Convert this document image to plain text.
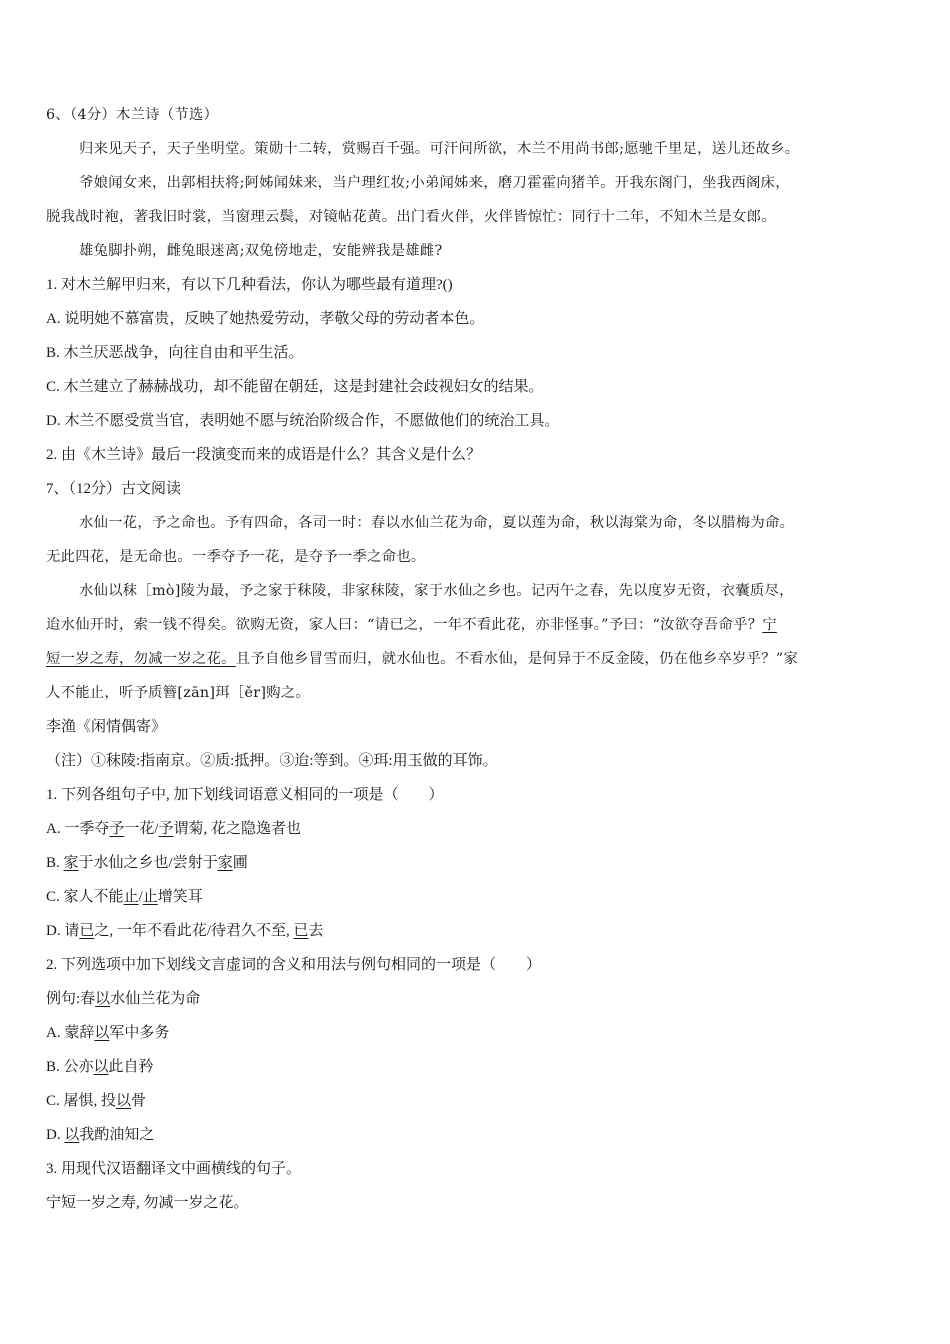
6、（4分）木兰诗（节选）
归来见天子，天子坐明堂。策勋十二转，赏赐百千强。可汗问所欲，木兰不用尚书郎;愿驰千里足，送儿还故乡。
爷娘闻女来，出郭相扶将;阿姊闻妹来，当户理红妆;小弟闻姊来，磨刀霍霍向猪羊。开我东阁门，坐我西阁床，
脱我战时袍，著我旧时裳，当窗理云鬓，对镜帖花黄。出门看火伴，火伴皆惊忙：同行十二年，不知木兰是女郎。
雄兔脚扑朔，雌兔眼迷离;双兔傍地走，安能辨我是雄雌?
1. 对木兰解甲归来，有以下几种看法，你认为哪些最有道理?()
A. 说明她不慕富贵，反映了她热爱劳动，孝敬父母的劳动者本色。
B. 木兰厌恶战争，向往自由和平生活。
C. 木兰建立了赫赫战功，却不能留在朝廷，这是封建社会歧视妇女的结果。
D. 木兰不愿受赏当官，表明她不愿与统治阶级合作，不愿做他们的统治工具。
2. 由《木兰诗》最后一段演变而来的成语是什么？其含义是什么？
7、（12分）古文阅读
水仙一花，予之命也。予有四命，各司一时：春以水仙兰花为命，夏以莲为命，秋以海棠为命，冬以腊梅为命。
无此四花，是无命也。一季夺予一花，是夺予一季之命也。
水仙以秣［mò]陵为最，予之家于秣陵，非家秣陵，家于水仙之乡也。记丙午之春，先以度岁无资，衣囊质尽，
迨水仙开时，索一钱不得矣。欲购无资，家人曰：“请已之，一年不看此花，亦非怪事。”予曰：“汝欲夺吾命乎？宁
短一岁之寿，勿减一岁之花。且予自他乡冒雪而归，就水仙也。不看水仙，是何异于不反金陵，仍在他乡卒岁乎？”家
人不能止，听予质簪[zān]珥［ěr]购之。
李渔《闲情偶寄》
（注）①秣陵:指南京。②质:抵押。③迨:等到。④珥:用玉做的耳饰。
1. 下列各组句子中, 加下划线词语意义相同的一项是（　　）
A. 一季夺予一花/予谓菊, 花之隐逸者也
B. 家于水仙之乡也/尝射于家圃
C. 家人不能止/止增笑耳
D. 请已之, 一年不看此花/待君久不至, 已去
2. 下列选项中加下划线文言虚词的含义和用法与例句相同的一项是（　　）
例句:春以水仙兰花为命
A. 蒙辞以军中多务
B. 公亦以此自矜
C. 屠惧, 投以骨
D. 以我酌油知之
3. 用现代汉语翻译文中画横线的句子。
宁短一岁之寿, 勿减一岁之花。
